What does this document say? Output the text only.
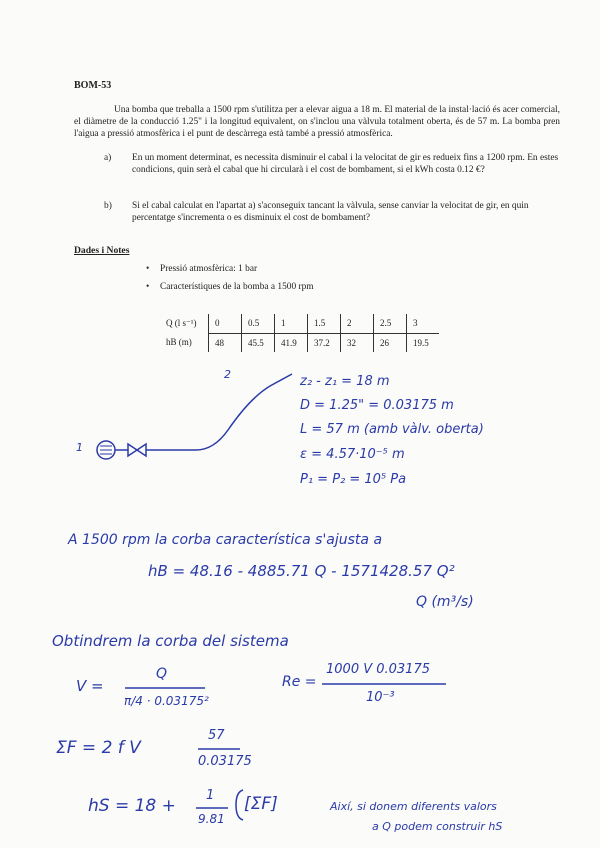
BOM-53
Una bomba que treballa a 1500 rpm s'utilitza per a elevar aigua a 18 m. El material de la instal·lació és acer comercial, el diàmetre de la conducció 1.25" i la longitud equivalent, on s'inclou una vàlvula totalment oberta, és de 57 m. La bomba pren l'aigua a pressió atmosfèrica i el punt de descàrrega està també a pressió atmosfèrica.
a) En un moment determinat, es necessita disminuir el cabal i la velocitat de gir es redueix fins a 1200 rpm. En estes condicions, quin serà el cabal que hi circularà i el cost de bombament, si el kWh costa 0.12 €?
b) Si el cabal calculat en l'apartat a) s'aconseguix tancant la vàlvula, sense canviar la velocitat de gir, en quin percentatge s'incrementa o es disminuix el cost de bombament?
Dades i Notes
• Pressió atmosfèrica: 1 bar
• Característiques de la bomba a 1500 rpm
Q (l s⁻¹)	0	0.5	1	1.5	2	2.5	3
hB (m)	48	45.5	41.9	37.2	32	26	19.5
2
1
z₂ - z₁ = 18 m
D = 1.25" = 0.03175 m
L = 57 m (amb vàlv. oberta)
ε = 4.57·10⁻⁵ m
P₁ = P₂ = 10⁵ Pa
A 1500 rpm la corba característica s'ajusta a
hB = 48.16 - 4885.71 Q - 1571428.57 Q²
Q (m³/s)
Obtindrem la corba del sistema
V =
Q
π/4 · 0.03175²
Re =
1000 V 0.03175
10⁻³
ΣF = 2 f V
57
0.03175
hS = 18 +
1
9.81
[ΣF]	Així, si donem diferents valors
a Q podem construir hS
